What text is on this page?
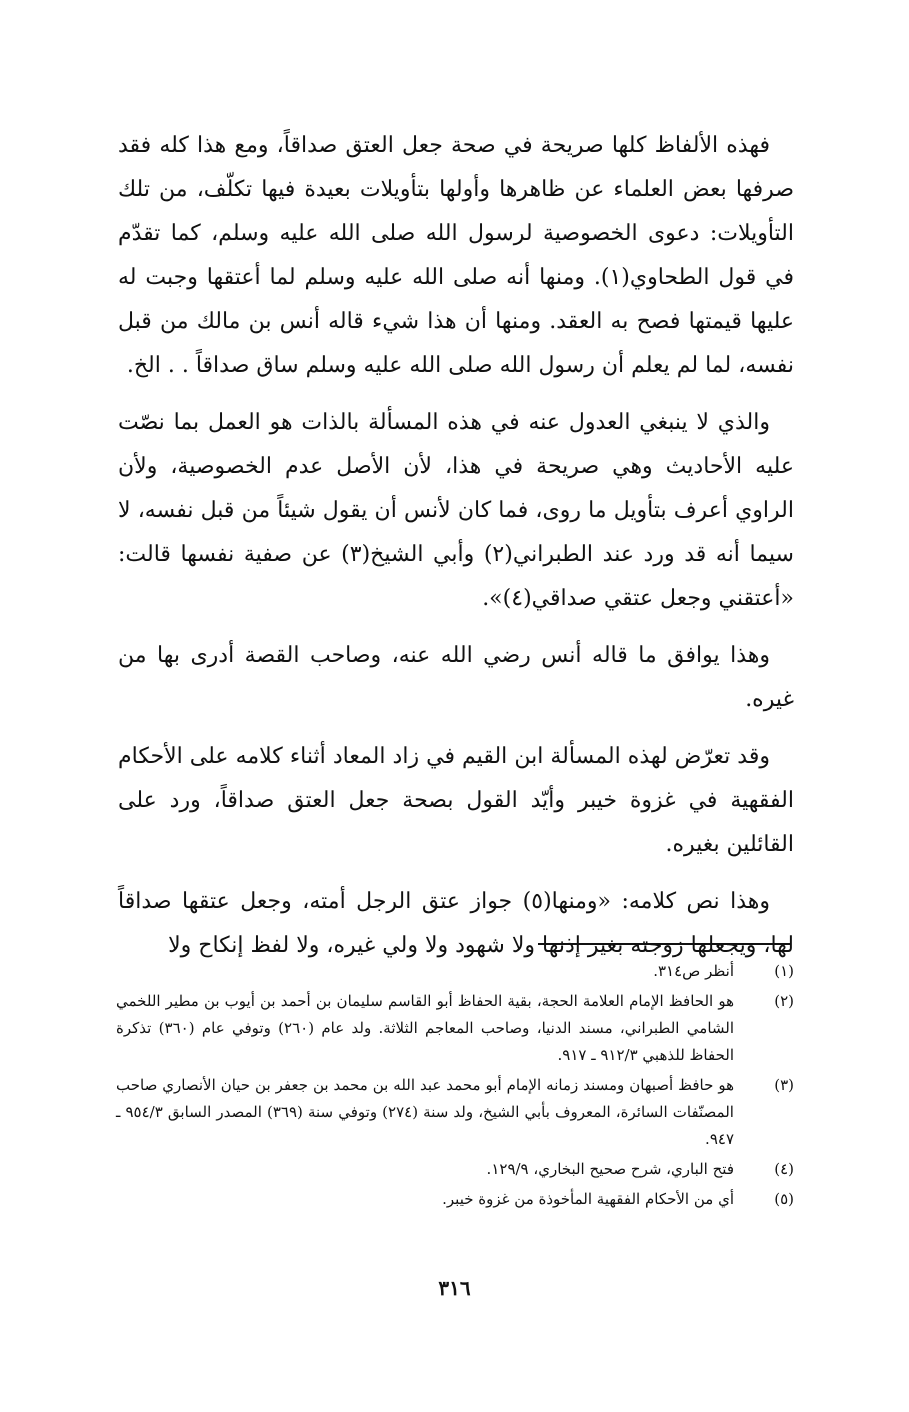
فهذه الألفاظ كلها صريحة في صحة جعل العتق صداقاً، ومع هذا كله فقد صرفها بعض العلماء عن ظاهرها وأولها بتأويلات بعيدة فيها تكلّف، من تلك التأويلات: دعوى الخصوصية لرسول الله صلى الله عليه وسلم، كما تقدّم في قول الطحاوي(١). ومنها أنه صلى الله عليه وسلم لما أعتقها وجبت له عليها قيمتها فصح به العقد. ومنها أن هذا شيء قاله أنس بن مالك من قبل نفسه، لما لم يعلم أن رسول الله صلى الله عليه وسلم ساق صداقاً . . الخ.

والذي لا ينبغي العدول عنه في هذه المسألة بالذات هو العمل بما نصّت عليه الأحاديث وهي صريحة في هذا، لأن الأصل عدم الخصوصية، ولأن الراوي أعرف بتأويل ما روى، فما كان لأنس أن يقول شيئاً من قبل نفسه، لا سيما أنه قد ورد عند الطبراني(٢) وأبي الشيخ(٣) عن صفية نفسها قالت: «أعتقني وجعل عتقي صداقي(٤)».

وهذا يوافق ما قاله أنس رضي الله عنه، وصاحب القصة أدرى بها من غيره.

وقد تعرّض لهذه المسألة ابن القيم في زاد المعاد أثناء كلامه على الأحكام الفقهية في غزوة خيبر وأيّد القول بصحة جعل العتق صداقاً، ورد على القائلين بغيره.

وهذا نص كلامه: «ومنها(٥) جواز عتق الرجل أمته، وجعل عتقها صداقاً لها، ويجعلها زوجته بغير إذنها ولا شهود ولا ولي غيره، ولا لفظ إنكاح ولا

(١)
أنظر ص٣١٤.
(٢)
هو الحافظ الإمام العلامة الحجة، بقية الحفاظ أبو القاسم سليمان بن أحمد بن أيوب بن مطير اللخمي الشامي الطبراني، مسند الدنيا، وصاحب المعاجم الثلاثة. ولد عام (٢٦٠) وتوفي عام (٣٦٠) تذكرة الحفاظ للذهبي ٩١٢/٣ ـ ٩١٧.
(٣)
هو حافظ أصبهان ومسند زمانه الإمام أبو محمد عبد الله بن محمد بن جعفر بن حيان الأنصاري صاحب المصنّفات السائرة، المعروف بأبي الشيخ، ولد سنة (٢٧٤) وتوفي سنة (٣٦٩) المصدر السابق ٩٥٤/٣ ـ ٩٤٧.
(٤)
فتح الباري، شرح صحيح البخاري، ١٢٩/٩.
(٥)
أي من الأحكام الفقهية المأخوذة من غزوة خيبر.
٣١٦
